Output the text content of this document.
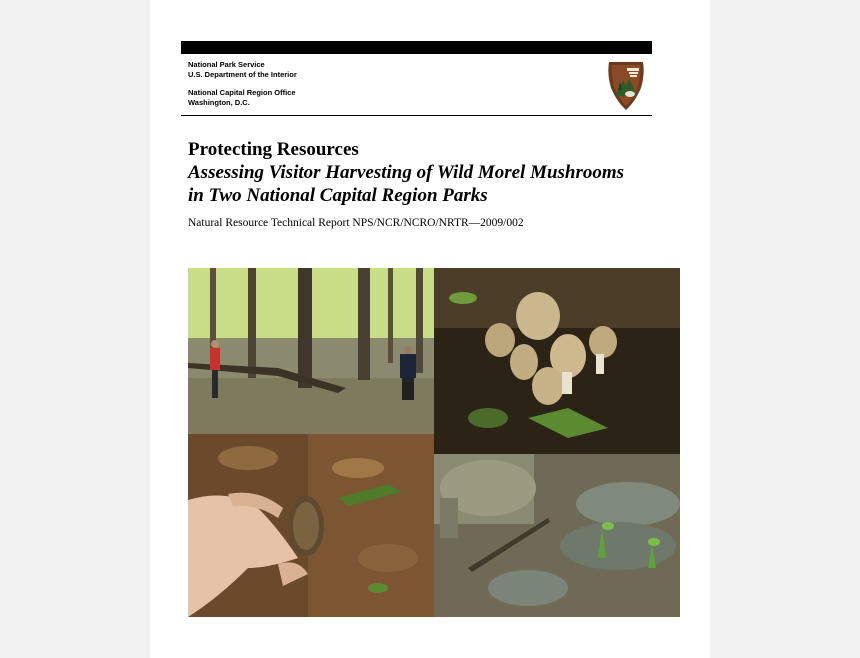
National Park Service
U.S. Department of the Interior
National Capital Region Office
Washington, D.C.
Protecting Resources
Assessing Visitor Harvesting of Wild Morel Mushrooms
in Two National Capital Region Parks
Natural Resource Technical Report NPS/NCR/NCRO/NRTR—2009/002
